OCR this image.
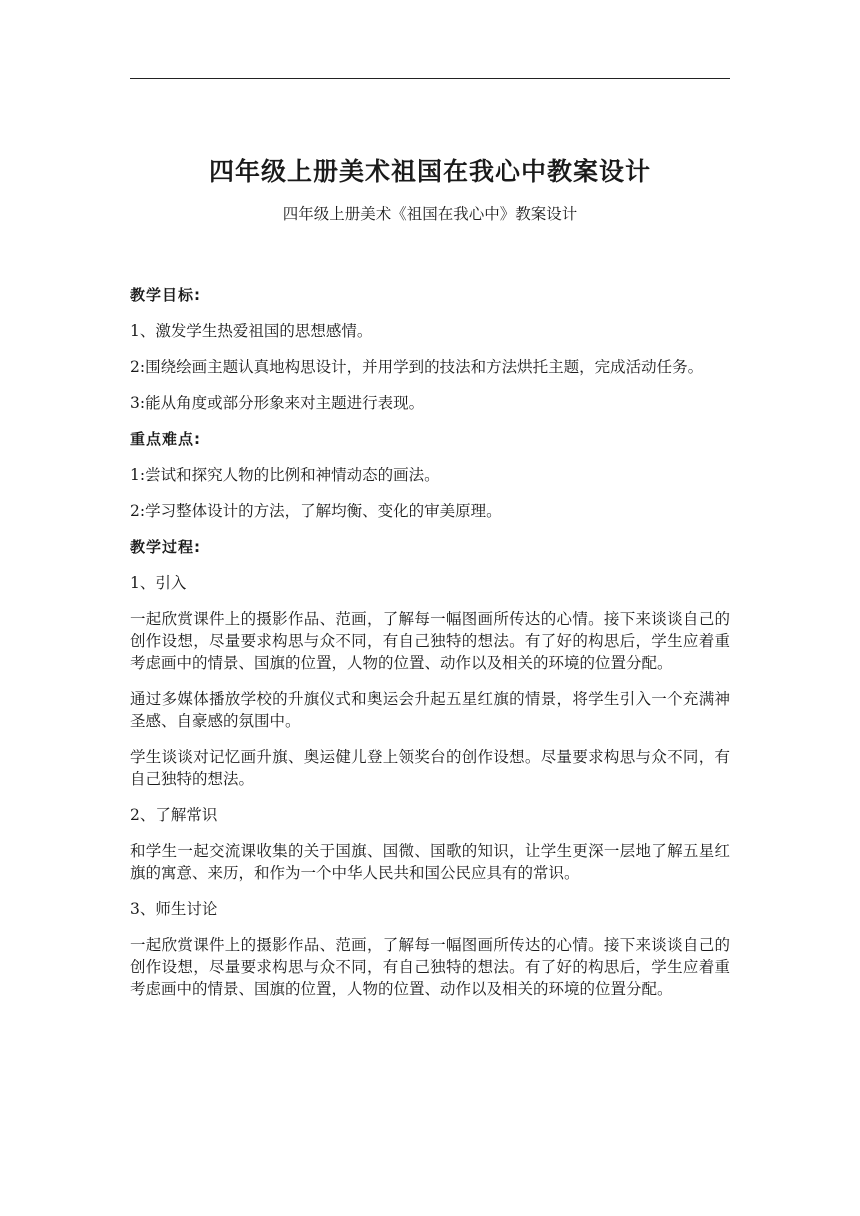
四年级上册美术祖国在我心中教案设计
四年级上册美术《祖国在我心中》教案设计

教学目标:

1、激发学生热爱祖国的思想感情。

2:围绕绘画主题认真地构思设计，并用学到的技法和方法烘托主题，完成活动任务。

3:能从角度或部分形象来对主题进行表现。

重点难点:

1:尝试和探究人物的比例和神情动态的画法。

2:学习整体设计的方法，了解均衡、变化的审美原理。

教学过程:

1、引入

一起欣赏课件上的摄影作品、范画，了解每一幅图画所传达的心情。接下来谈谈自己的创作设想，尽量要求构思与众不同，有自己独特的想法。有了好的构思后，学生应着重考虑画中的情景、国旗的位置，人物的位置、动作以及相关的环境的位置分配。

通过多媒体播放学校的升旗仪式和奥运会升起五星红旗的情景，将学生引入一个充满神圣感、自豪感的氛围中。

学生谈谈对记忆画升旗、奥运健儿登上领奖台的创作设想。尽量要求构思与众不同，有自己独特的想法。

2、了解常识

和学生一起交流课收集的关于国旗、国微、国歌的知识，让学生更深一层地了解五星红旗的寓意、来历，和作为一个中华人民共和国公民应具有的常识。

3、师生讨论

一起欣赏课件上的摄影作品、范画，了解每一幅图画所传达的心情。接下来谈谈自己的创作设想，尽量要求构思与众不同，有自己独特的想法。有了好的构思后，学生应着重考虑画中的情景、国旗的位置，人物的位置、动作以及相关的环境的位置分配。
